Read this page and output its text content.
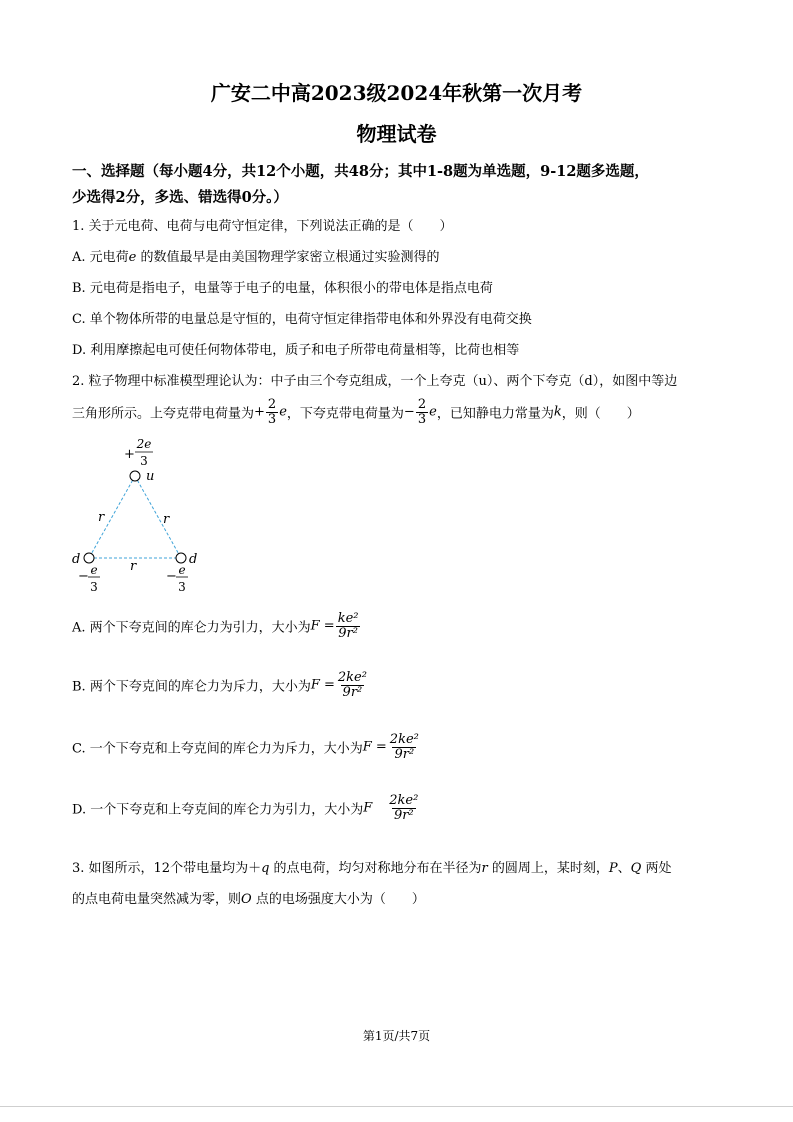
广安二中高2023级2024年秋第一次月考
物理试卷
一、选择题（每小题4分，共12个小题，共48分；其中1-8题为单选题，9-12题多选题，
少选得2分，多选、错选得0分。）
1. 关于元电荷、电荷与电荷守恒定律，下列说法正确的是（　　）
A. 元电荷e 的数值最早是由美国物理学家密立根通过实验测得的
B. 元电荷是指电子，电量等于电子的电量，体积很小的带电体是指点电荷
C. 单个物体所带的电量总是守恒的，电荷守恒定律指带电体和外界没有电荷交换
D. 利用摩擦起电可使任何物体带电，质子和电子所带电荷量相等，比荷也相等
2. 粒子物理中标准模型理论认为：中子由三个夸克组成，一个上夸克（u）、两个下夸克（d），如图中等边
三角形所示。上夸克带电荷量为+ $\frac{2}{3}$ e，下夸克带电荷量为− $\frac{2}{3}$ e，已知静电力常量为k，则（　　）
+
2e
3
u
r	r
r
d
− e
3
d
− e
3
A. 两个下夸克间的库仑力为引力，大小为$F = \frac{\text{ke²}}{\text{9r²}}$
B. 两个下夸克间的库仑力为斥力，大小为$F = \frac{\text{2ke²}}{\text{9r²}}$
C. 一个下夸克和上夸克间的库仑力为斥力，大小为$F = \frac{\text{2ke²}}{\text{9r²}}$
D. 一个下夸克和上夸克间的库仑力为引力，大小为F $\frac{\text{2ke²}}{\text{9r²}}$
3. 如图所示，12个带电量均为＋q 的点电荷，均匀对称地分布在半径为r 的圆周上，某时刻，P、Q 两处
的点电荷电量突然减为零，则O 点的电场强度大小为（　　）
第1页/共7页
